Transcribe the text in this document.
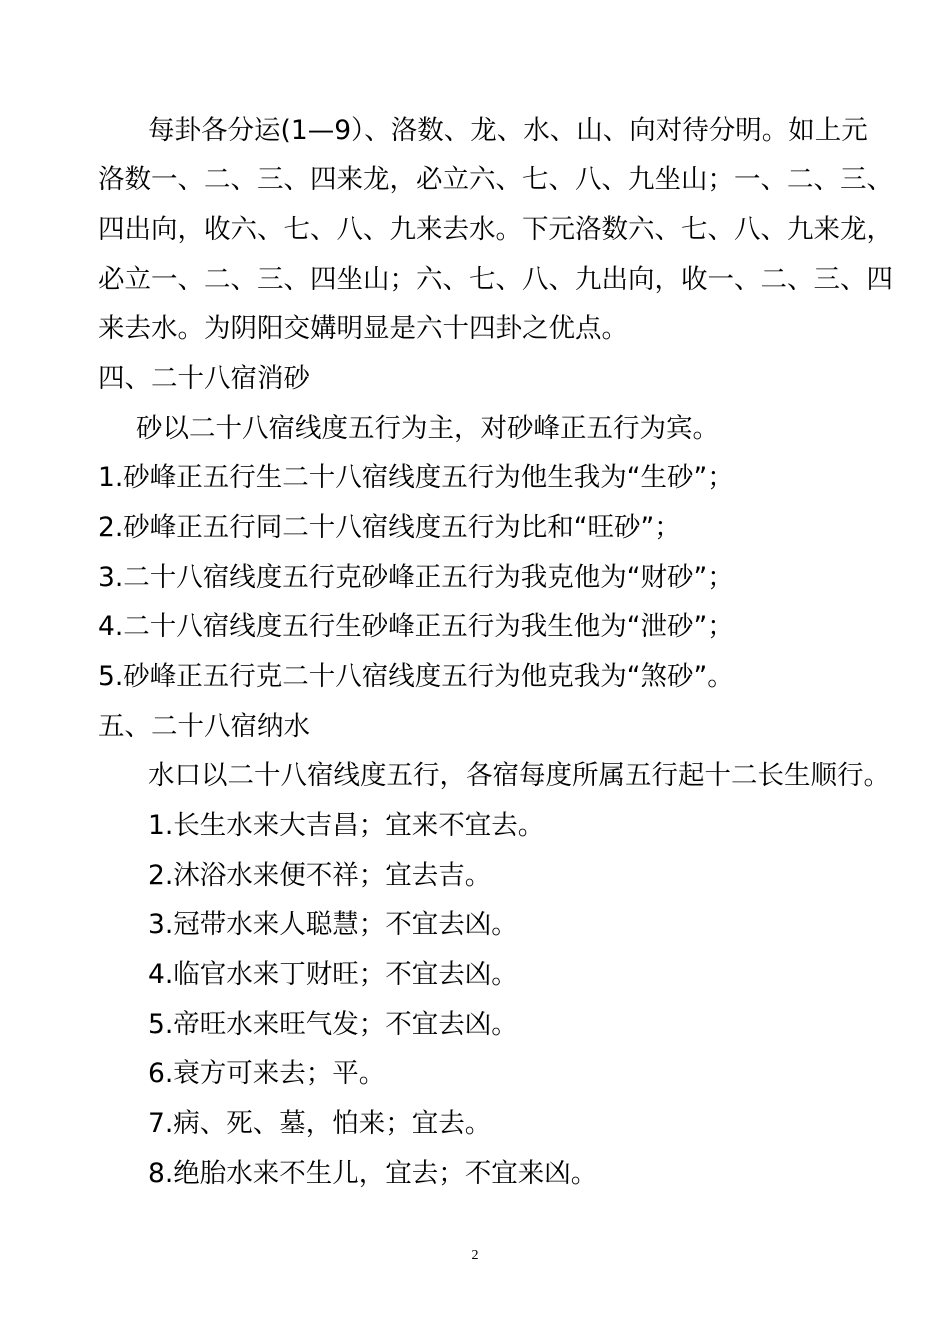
每卦各分运(1—9）、洛数、龙、水、山、向对待分明。如上元
洛数一、二、三、四来龙，必立六、七、八、九坐山；一、二、三、
四出向，收六、七、八、九来去水。下元洛数六、七、八、九来龙，
必立一、二、三、四坐山；六、七、八、九出向，收一、二、三、四
来去水。为阴阳交媾明显是六十四卦之优点。
四、二十八宿消砂
砂以二十八宿线度五行为主，对砂峰正五行为宾。
1.砂峰正五行生二十八宿线度五行为他生我为“生砂”；
2.砂峰正五行同二十八宿线度五行为比和“旺砂”；
3.二十八宿线度五行克砂峰正五行为我克他为“财砂”；
4.二十八宿线度五行生砂峰正五行为我生他为“泄砂”；
5.砂峰正五行克二十八宿线度五行为他克我为“煞砂”。
五、二十八宿纳水
水口以二十八宿线度五行，各宿每度所属五行起十二长生顺行。
1.长生水来大吉昌；宜来不宜去。
2.沐浴水来便不祥；宜去吉。
3.冠带水来人聪慧；不宜去凶。
4.临官水来丁财旺；不宜去凶。
5.帝旺水来旺气发；不宜去凶。
6.衰方可来去；平。
7.病、死、墓，怕来；宜去。
8.绝胎水来不生儿，宜去；不宜来凶。
2
